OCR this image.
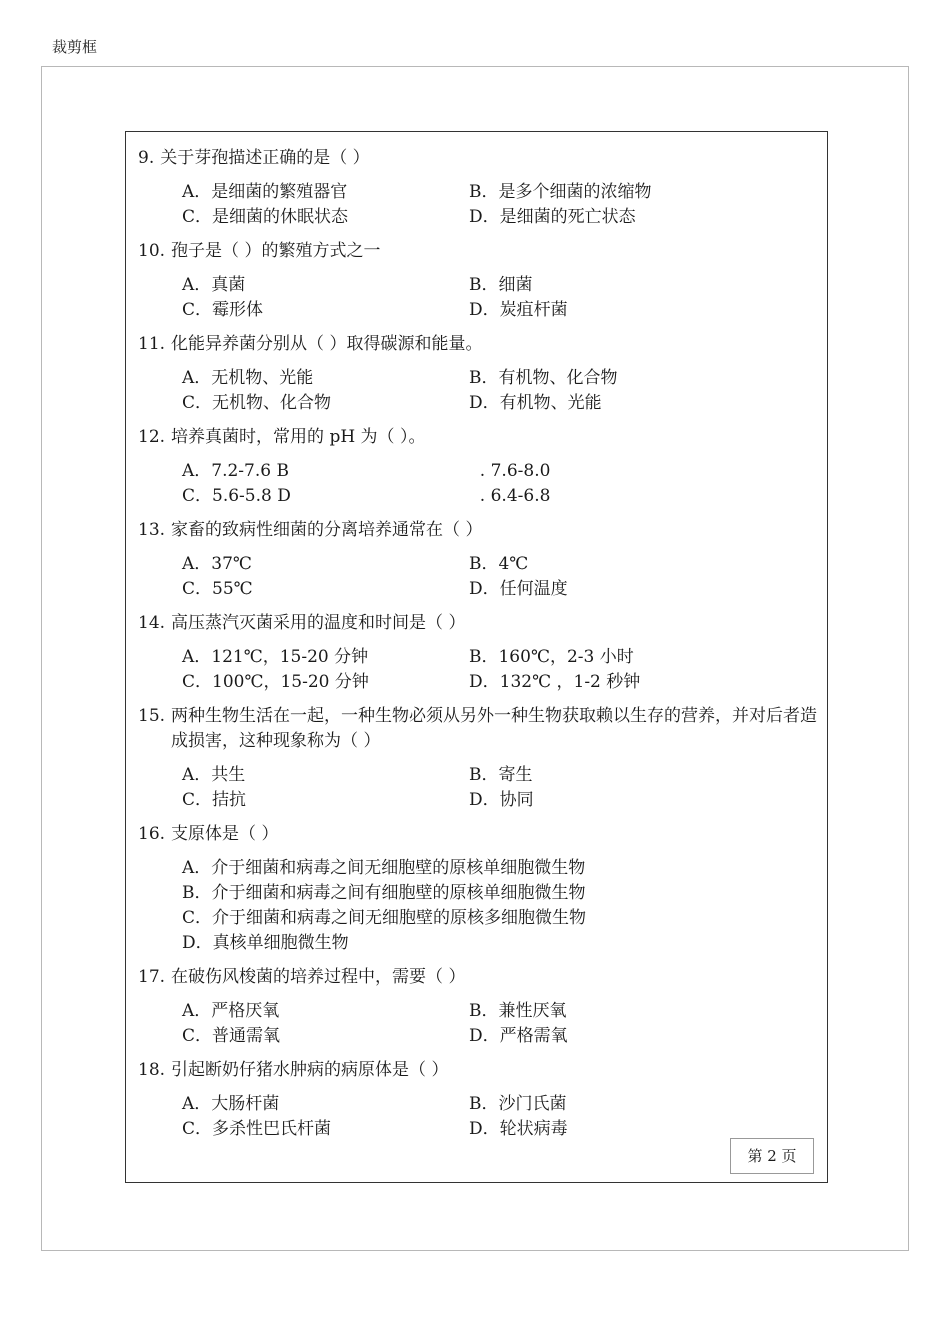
裁剪框
9. 关于芽孢描述正确的是（ ）
A．是细菌的繁殖器官	B．是多个细菌的浓缩物
C．是细菌的休眠状态	D．是细菌的死亡状态
10. 孢子是（ ）的繁殖方式之一
A．真菌	B．细菌
C．霉形体	D．炭疽杆菌
11. 化能异养菌分别从（ ）取得碳源和能量。
A．无机物、光能	B．有机物、化合物
C．无机物、化合物	D．有机物、光能
12. 培养真菌时，常用的 pH 为（ ）。
A．7.2-7.6 B	. 7.6-8.0
C．5.6-5.8 D	. 6.4-6.8
13. 家畜的致病性细菌的分离培养通常在（ ）
A．37℃	B．4℃
C．55℃	D．任何温度
14. 高压蒸汽灭菌采用的温度和时间是（ ）
A．121℃，15-20 分钟	B．160℃，2-3 小时
C．100℃，15-20 分钟	D．132℃ ，1-2 秒钟
15. 两种生物生活在一起，一种生物必须从另外一种生物获取赖以生存的营养，并对后者造成损害，这种现象称为（ ）
A．共生	B．寄生
C．拮抗	D．协同
16. 支原体是（ ）
A．介于细菌和病毒之间无细胞壁的原核单细胞微生物
B．介于细菌和病毒之间有细胞壁的原核单细胞微生物
C．介于细菌和病毒之间无细胞壁的原核多细胞微生物
D．真核单细胞微生物
17. 在破伤风梭菌的培养过程中，需要（ ）
A．严格厌氧	B．兼性厌氧
C．普通需氧	D．严格需氧
18. 引起断奶仔猪水肿病的病原体是（ ）
A．大肠杆菌	B．沙门氏菌
C．多杀性巴氏杆菌	D．轮状病毒
第 2 页
